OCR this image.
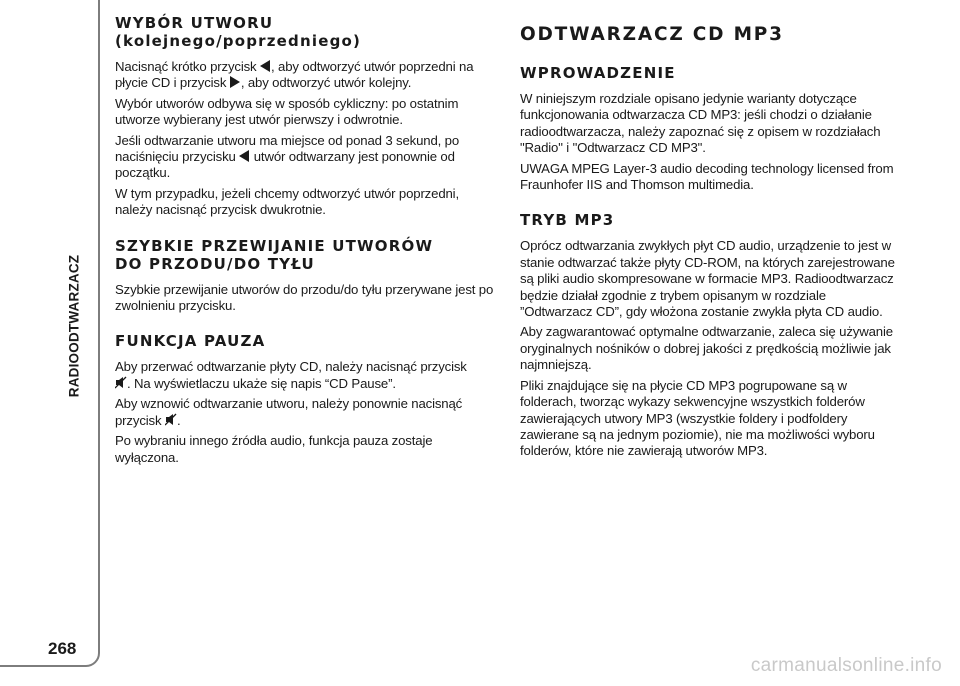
RADIOODTWARZACZ
268
WYBÓR UTWORU
(kolejnego/poprzedniego)

Nacisnąć krótko przycisk , aby odtworzyć utwór poprzedni na płycie CD i przycisk , aby odtworzyć utwór kolejny.

Wybór utworów odbywa się w sposób cykliczny: po ostatnim utworze wybierany jest utwór pierwszy i odwrotnie.

Jeśli odtwarzanie utworu ma miejsce od ponad 3 sekund, po naciśnięciu przycisku utwór odtwarzany jest ponownie od początku.

W tym przypadku, jeżeli chcemy odtworzyć utwór poprzedni, należy nacisnąć przycisk dwukrotnie.

SZYBKIE PRZEWIJANIE UTWORÓW
DO PRZODU/DO TYŁU

Szybkie przewijanie utworów do przodu/do tyłu przerywane jest po zwolnieniu przycisku.

FUNKCJA PAUZA

Aby przerwać odtwarzanie płyty CD, należy nacisnąć przycisk
. Na wyświetlaczu ukaże się napis “CD Pause”.

Aby wznowić odtwarzanie utworu, należy ponownie nacisnąć przycisk .

Po wybraniu innego źródła audio, funkcja pauza zostaje wyłączona.

ODTWARZACZ CD MP3
WPROWADZENIE

W niniejszym rozdziale opisano jedynie warianty dotyczące funkcjonowania odtwarzacza CD MP3: jeśli chodzi o działanie radioodtwarzacza, należy zapoznać się z opisem w rozdziałach "Radio" i "Odtwarzacz CD MP3".

UWAGA MPEG Layer-3 audio decoding technology licensed from Fraunhofer IIS and Thomson multimedia.

TRYB MP3

Oprócz odtwarzania zwykłych płyt CD audio, urządzenie to jest w stanie odtwarzać także płyty CD-ROM, na których zarejestrowane są pliki audio skompresowane w formacie MP3. Radioodtwarzacz będzie działał zgodnie z trybem opisanym w rozdziale ”Odtwarzacz CD”, gdy włożona zostanie zwykła płyta CD audio.

Aby zagwarantować optymalne odtwarzanie, zaleca się używanie oryginalnych nośników o dobrej jakości z prędkością możliwie jak najmniejszą.

Pliki znajdujące się na płycie CD MP3 pogrupowane są w folderach, tworząc wykazy sekwencyjne wszystkich folderów zawierających utwory MP3 (wszystkie foldery i podfoldery zawierane są na jednym poziomie), nie ma możliwości wyboru folderów, które nie zawierają utworów MP3.

carmanualsonline.info
